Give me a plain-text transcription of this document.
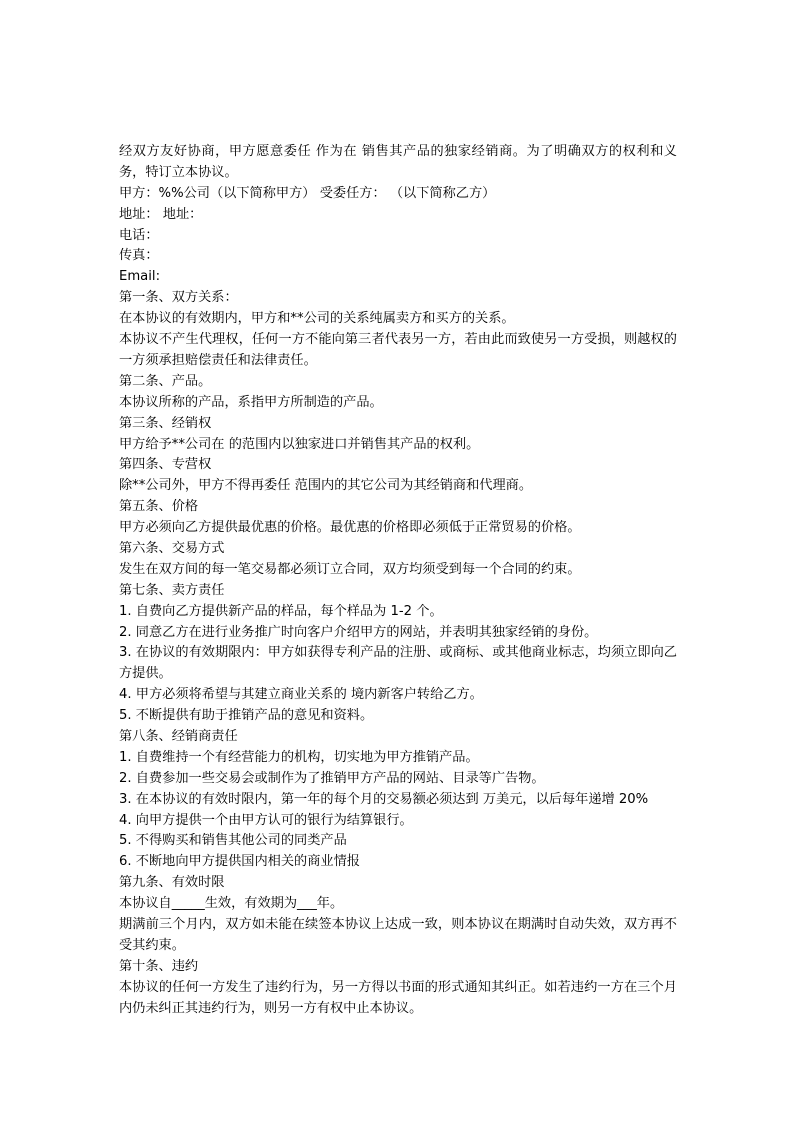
经双方友好协商，甲方愿意委任 作为在 销售其产品的独家经销商。为了明确双方的权利和义务，特订立本协议。
甲方：%%公司（以下简称甲方） 受委任方： （以下简称乙方）
地址： 地址：
电话：
传真：
Email:
第一条、双方关系：
在本协议的有效期内，甲方和**公司的关系纯属卖方和买方的关系。
本协议不产生代理权，任何一方不能向第三者代表另一方，若由此而致使另一方受损，则越权的一方须承担赔偿责任和法律责任。
第二条、产品。
本协议所称的产品，系指甲方所制造的产品。
第三条、经销权
甲方给予**公司在 的范围内以独家进口并销售其产品的权利。
第四条、专营权
除**公司外，甲方不得再委任 范围内的其它公司为其经销商和代理商。
第五条、价格
甲方必须向乙方提供最优惠的价格。最优惠的价格即必须低于正常贸易的价格。
第六条、交易方式
发生在双方间的每一笔交易都必须订立合同，双方均须受到每一个合同的约束。
第七条、卖方责任
1. 自费向乙方提供新产品的样品，每个样品为 1-2 个。
2. 同意乙方在进行业务推广时向客户介绍甲方的网站，并表明其独家经销的身份。
3. 在协议的有效期限内：甲方如获得专利产品的注册、或商标、或其他商业标志，均须立即向乙方提供。
4. 甲方必须将希望与其建立商业关系的 境内新客户转给乙方。
5. 不断提供有助于推销产品的意见和资料。
第八条、经销商责任
1. 自费维持一个有经营能力的机构，切实地为甲方推销产品。
2. 自费参加一些交易会或制作为了推销甲方产品的网站、目录等广告物。
3. 在本协议的有效时限内，第一年的每个月的交易额必须达到 万美元，以后每年递增 20%
4. 向甲方提供一个由甲方认可的银行为结算银行。
5. 不得购买和销售其他公司的同类产品
6. 不断地向甲方提供国内相关的商业情报
第九条、有效时限
本协议自_____生效，有效期为___年。
期满前三个月内，双方如未能在续签本协议上达成一致，则本协议在期满时自动失效，双方再不受其约束。
第十条、违约
本协议的任何一方发生了违约行为，另一方得以书面的形式通知其纠正。如若违约一方在三个月内仍未纠正其违约行为，则另一方有权中止本协议。
